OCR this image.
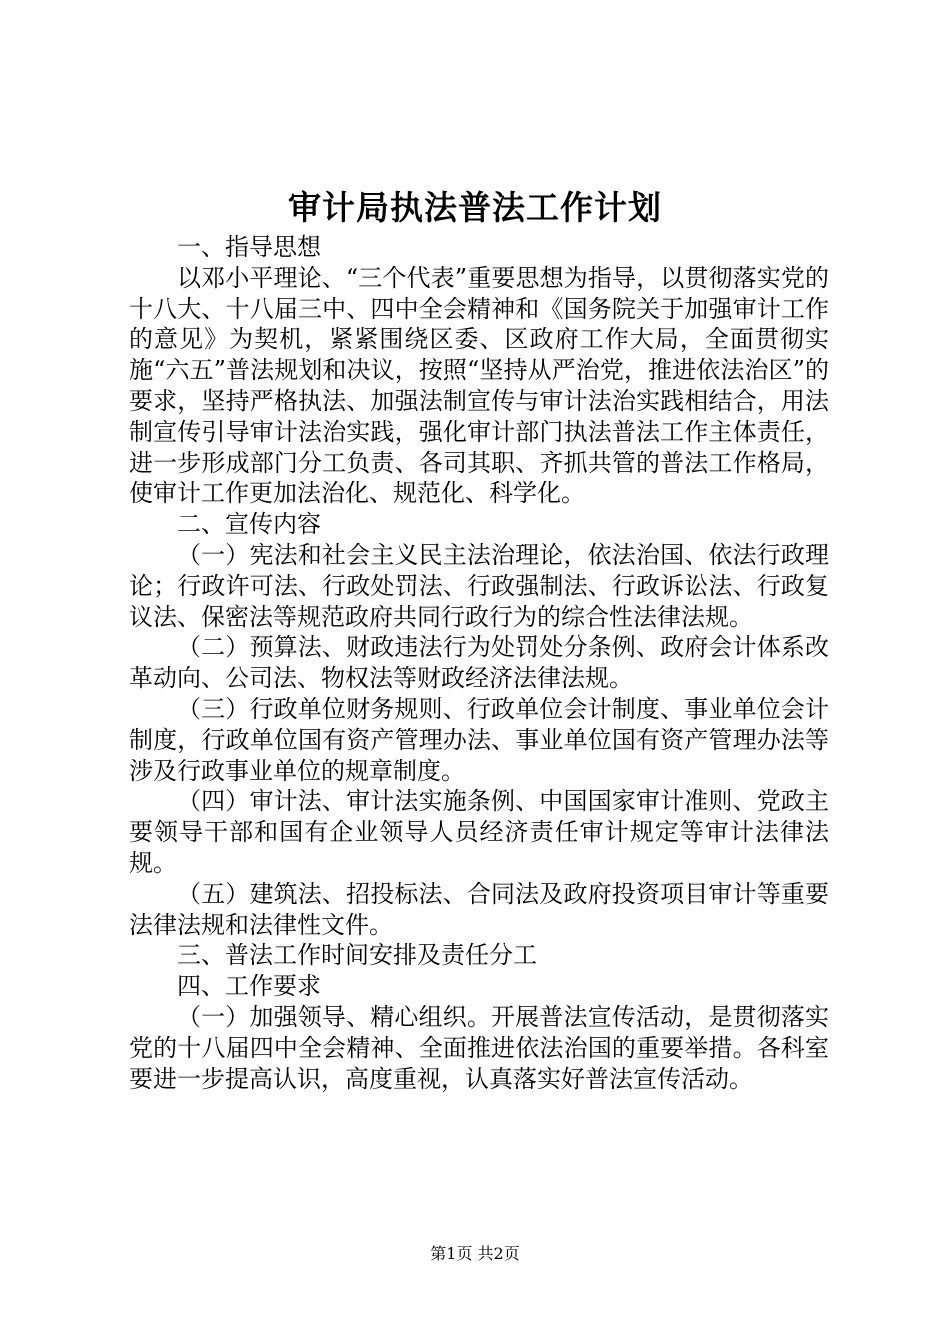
审计局执法普法工作计划

一、指导思想

以邓小平理论、“三个代表”重要思想为指导，以贯彻落实党的十八大、十八届三中、四中全会精神和《国务院关于加强审计工作的意见》为契机，紧紧围绕区委、区政府工作大局，全面贯彻实施“六五”普法规划和决议，按照“坚持从严治党，推进依法治区”的要求，坚持严格执法、加强法制宣传与审计法治实践相结合，用法制宣传引导审计法治实践，强化审计部门执法普法工作主体责任，进一步形成部门分工负责、各司其职、齐抓共管的普法工作格局，使审计工作更加法治化、规范化、科学化。

二、宣传内容

（一）宪法和社会主义民主法治理论，依法治国、依法行政理论；行政许可法、行政处罚法、行政强制法、行政诉讼法、行政复议法、保密法等规范政府共同行政行为的综合性法律法规。

（二）预算法、财政违法行为处罚处分条例、政府会计体系改革动向、公司法、物权法等财政经济法律法规。

（三）行政单位财务规则、行政单位会计制度、事业单位会计制度，行政单位国有资产管理办法、事业单位国有资产管理办法等涉及行政事业单位的规章制度。

（四）审计法、审计法实施条例、中国国家审计准则、党政主要领导干部和国有企业领导人员经济责任审计规定等审计法律法规。

（五）建筑法、招投标法、合同法及政府投资项目审计等重要法律法规和法律性文件。

三、普法工作时间安排及责任分工

四、工作要求

（一）加强领导、精心组织。开展普法宣传活动，是贯彻落实党的十八届四中全会精神、全面推进依法治国的重要举措。各科室要进一步提高认识，高度重视，认真落实好普法宣传活动。

第1页 共2页
